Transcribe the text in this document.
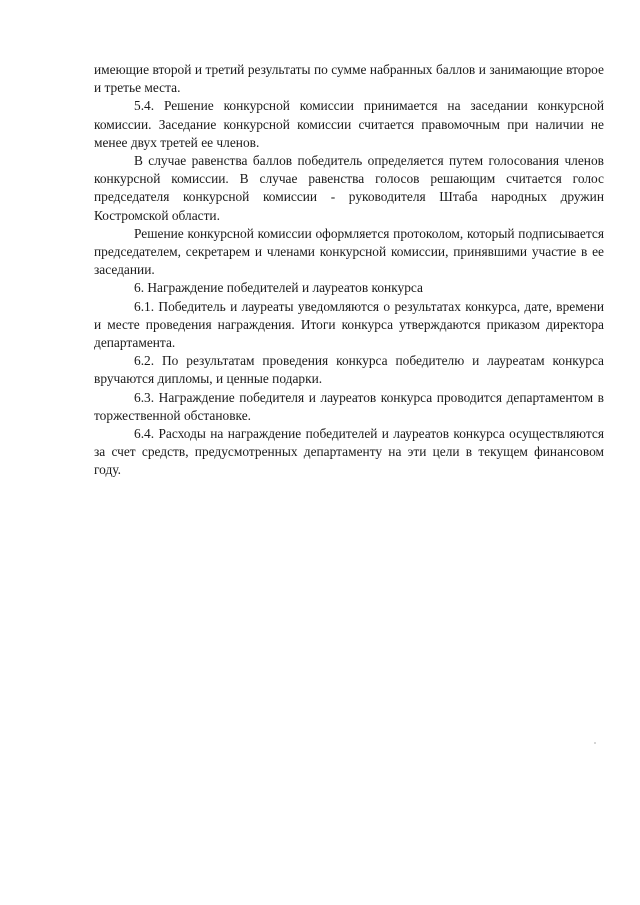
имеющие второй и третий результаты по сумме набранных баллов и занимающие второе и третье места.

5.4. Решение конкурсной комиссии принимается на заседании конкурсной комиссии. Заседание конкурсной комиссии считается правомочным при наличии не менее двух третей ее членов.

В случае равенства баллов победитель определяется путем голосования членов конкурсной комиссии. В случае равенства голосов решающим считается голос председателя конкурсной комиссии - руководителя Штаба народных дружин Костромской области.

Решение конкурсной комиссии оформляется протоколом, который подписывается председателем, секретарем и членами конкурсной комиссии, принявшими участие в ее заседании.

6. Награждение победителей и лауреатов конкурса

6.1. Победитель и лауреаты уведомляются о результатах конкурса, дате, времени и месте проведения награждения. Итоги конкурса утверждаются приказом директора департамента.

6.2. По результатам проведения конкурса победителю и лауреатам конкурса вручаются дипломы, и ценные подарки.

6.3. Награждение победителя и лауреатов конкурса проводится департаментом в торжественной обстановке.

6.4. Расходы на награждение победителей и лауреатов конкурса осуществляются за счет средств, предусмотренных департаменту на эти цели в текущем финансовом году.
